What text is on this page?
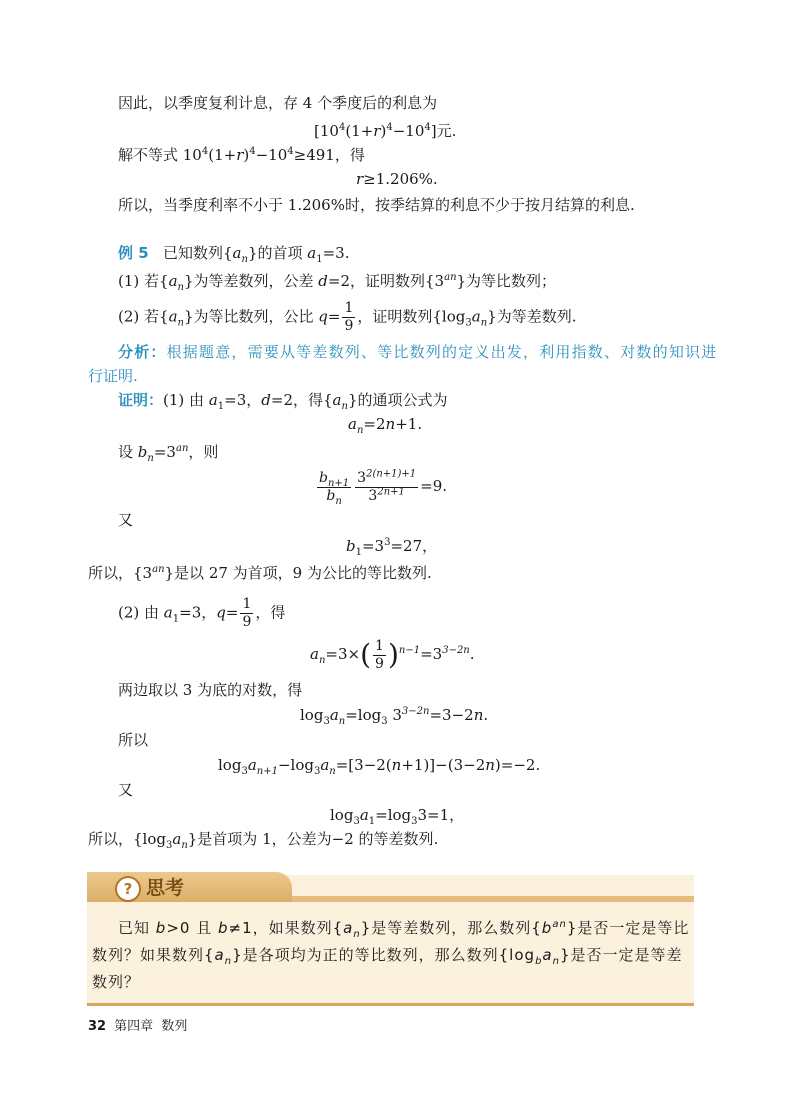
因此，以季度复利计息，存 4 个季度后的利息为
$[10^4(1+r)^4-10^4]$元.
解不等式 $10^4(1+r)^4-10^4\ge 491$，得
r≥1.206%.
所以，当季度利率不小于 1.206%时，按季结算的利息不少于按月结算的利息.
例 5 已知数列$\{a_n\}$的首项 $a_1=3$.
(1) 若$\{a_n\}$为等差数列，公差 d=2，证明数列$\{3^{an}\}$为等比数列；
(2) 若$\{a_n\}$为等比数列，公比 $q= \frac{1}{9}$ ，证明数列$\{\log_3a_n\}$为等差数列.
分析：根据题意，需要从等差数列、等比数列的定义出发，利用指数、对数的知识进
行证明.
证明：(1) 由 $a_1=3$，d=2，得$\{a_n\}$的通项公式为
$a_n=2n+1$.
设 $b_n=3^{an}$，则
$\frac{b_{n+1}}{b_n} \frac{3^{2(n+1)+1}}{3^{2n+1}} =9$.
又
$b_1=3^3=27$，
所以，$\{3^{an}\}$是以 27 为首项，9 为公比的等比数列.
(2) 由 $a_1=3$，$q= \frac{1}{9}$ ，得
$a_n=3\times( \frac{1}{9} )^{n-1}=3^{3-2n}$.
两边取以 3 为底的对数，得
$\log_3a_n=\log_3$ $3^{3-2n}=3-2n$.
所以
$\log_3a_{n+1}-\log_3a_n=[3-2(n+1)]-(3-2n)=-2$.
又
$\log_3a_1=\log_33=1$，
所以，$\{\log_3a_n\}$是首项为 1，公差为−2 的等差数列.
? 思考
已知 b>0 且 b≠1，如果数列$\{a_n\}$是等差数列，那么数列$\{b^{an}\}$是否一定是等比
数列？如果数列$\{a_n\}$是各项均为正的等比数列，那么数列$\{\log_ba_n\}$是否一定是等差
数列？
32 第四章 数列
